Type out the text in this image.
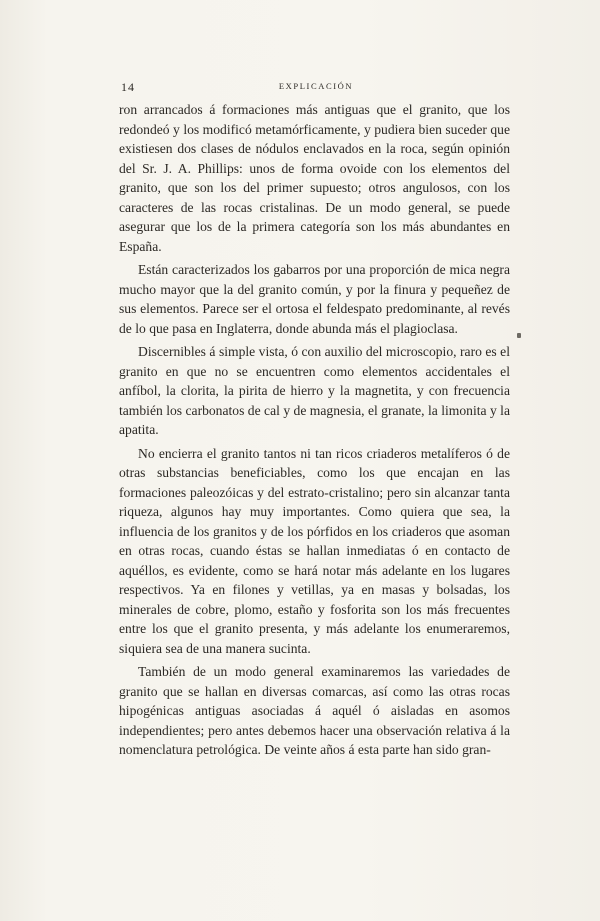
14	EXPLICACIÓN

ron arrancados á formaciones más antiguas que el granito, que los redondeó y los modificó metamórficamente, y pudiera bien suceder que existiesen dos clases de nódulos enclavados en la roca, según opinión del Sr. J. A. Phillips: unos de forma ovoide con los elementos del granito, que son los del primer supuesto; otros angulosos, con los caracteres de las rocas cristalinas. De un modo general, se puede asegurar que los de la primera categoría son los más abundantes en España.

Están caracterizados los gabarros por una proporción de mica negra mucho mayor que la del granito común, y por la finura y pequeñez de sus elementos. Parece ser el ortosa el feldespato predominante, al revés de lo que pasa en Inglaterra, donde abunda más el plagioclasa.

Discernibles á simple vista, ó con auxilio del microscopio, raro es el granito en que no se encuentren como elementos accidentales el anfíbol, la clorita, la pirita de hierro y la magnetita, y con frecuencia también los carbonatos de cal y de magnesia, el granate, la limonita y la apatita.

No encierra el granito tantos ni tan ricos criaderos metalíferos ó de otras substancias beneficiables, como los que encajan en las formaciones paleozóicas y del estrato-cristalino; pero sin alcanzar tanta riqueza, algunos hay muy importantes. Como quiera que sea, la influencia de los granitos y de los pórfidos en los criaderos que asoman en otras rocas, cuando éstas se hallan inmediatas ó en contacto de aquéllos, es evidente, como se hará notar más adelante en los lugares respectivos. Ya en filones y vetillas, ya en masas y bolsadas, los minerales de cobre, plomo, estaño y fosforita son los más frecuentes entre los que el granito presenta, y más adelante los enumeraremos, siquiera sea de una manera sucinta.

También de un modo general examinaremos las variedades de granito que se hallan en diversas comarcas, así como las otras rocas hipogénicas antiguas asociadas á aquél ó aisladas en asomos independientes; pero antes debemos hacer una observación relativa á la nomenclatura petrológica. De veinte años á esta parte han sido gran-
